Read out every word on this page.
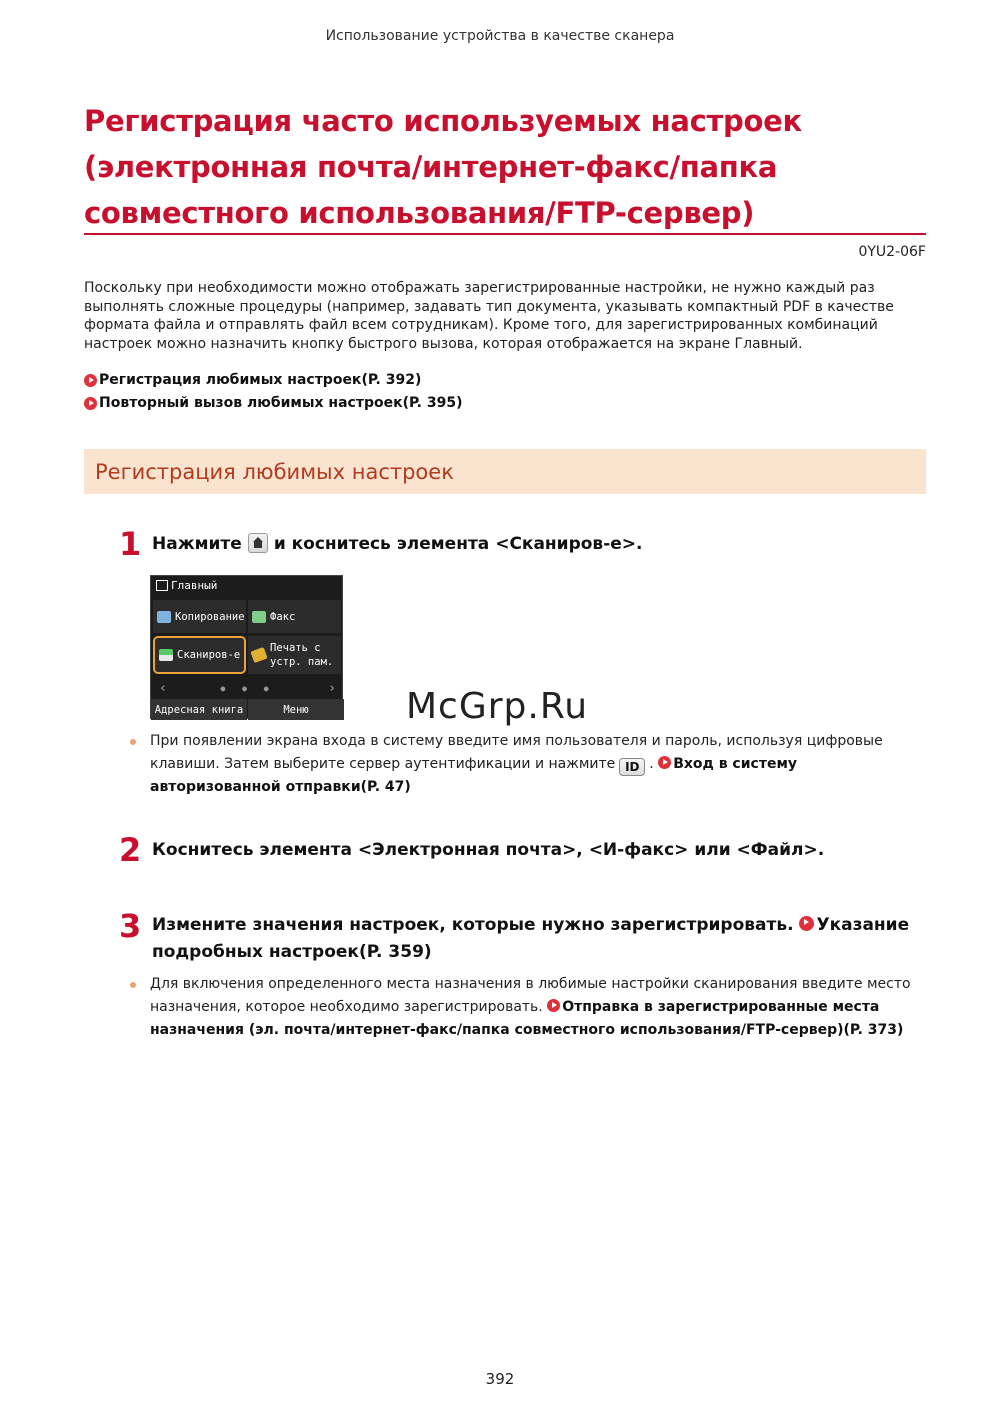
Использование устройства в качестве сканера
Регистрация часто используемых настроек (электронная почта/интернет-факс/папка совместного использования/FTP-сервер)
0YU2-06F

Поскольку при необходимости можно отображать зарегистрированные настройки, не нужно каждый раз выполнять сложные процедуры (например, задавать тип документа, указывать компактный PDF в качестве формата файла и отправлять файл всем сотрудникам). Кроме того, для зарегистрированных комбинаций настроек можно назначить кнопку быстрого вызова, которая отображается на экране Главный.

Регистрация любимых настроек(P. 392)
Повторный вызов любимых настроек(P. 395)
Регистрация любимых настроек
1 Нажмите и коснитесь элемента <Сканиров-е>.
Главный
Копирование Факс
Сканиров-е
Печать с
устр. пам.
‹	● ● ●	›
Адресная книга	Меню	McGrp.Ru
При появлении экрана входа в систему введите имя пользователя и пароль, используя цифровые клавиши. Затем выберите сервер аутентификации и нажмите ID . Вход в систему авторизованной отправки(P. 47)
2 Коснитесь элемента <Электронная почта>, <И-факс> или <Файл>.
3 Измените значения настроек, которые нужно зарегистрировать. Указание подробных настроек(P. 359)
Для включения определенного места назначения в любимые настройки сканирования введите место назначения, которое необходимо зарегистрировать. Отправка в зарегистрированные места назначения (эл. почта/интернет-факс/папка совместного использования/FTP-сервер)(P. 373)
392
